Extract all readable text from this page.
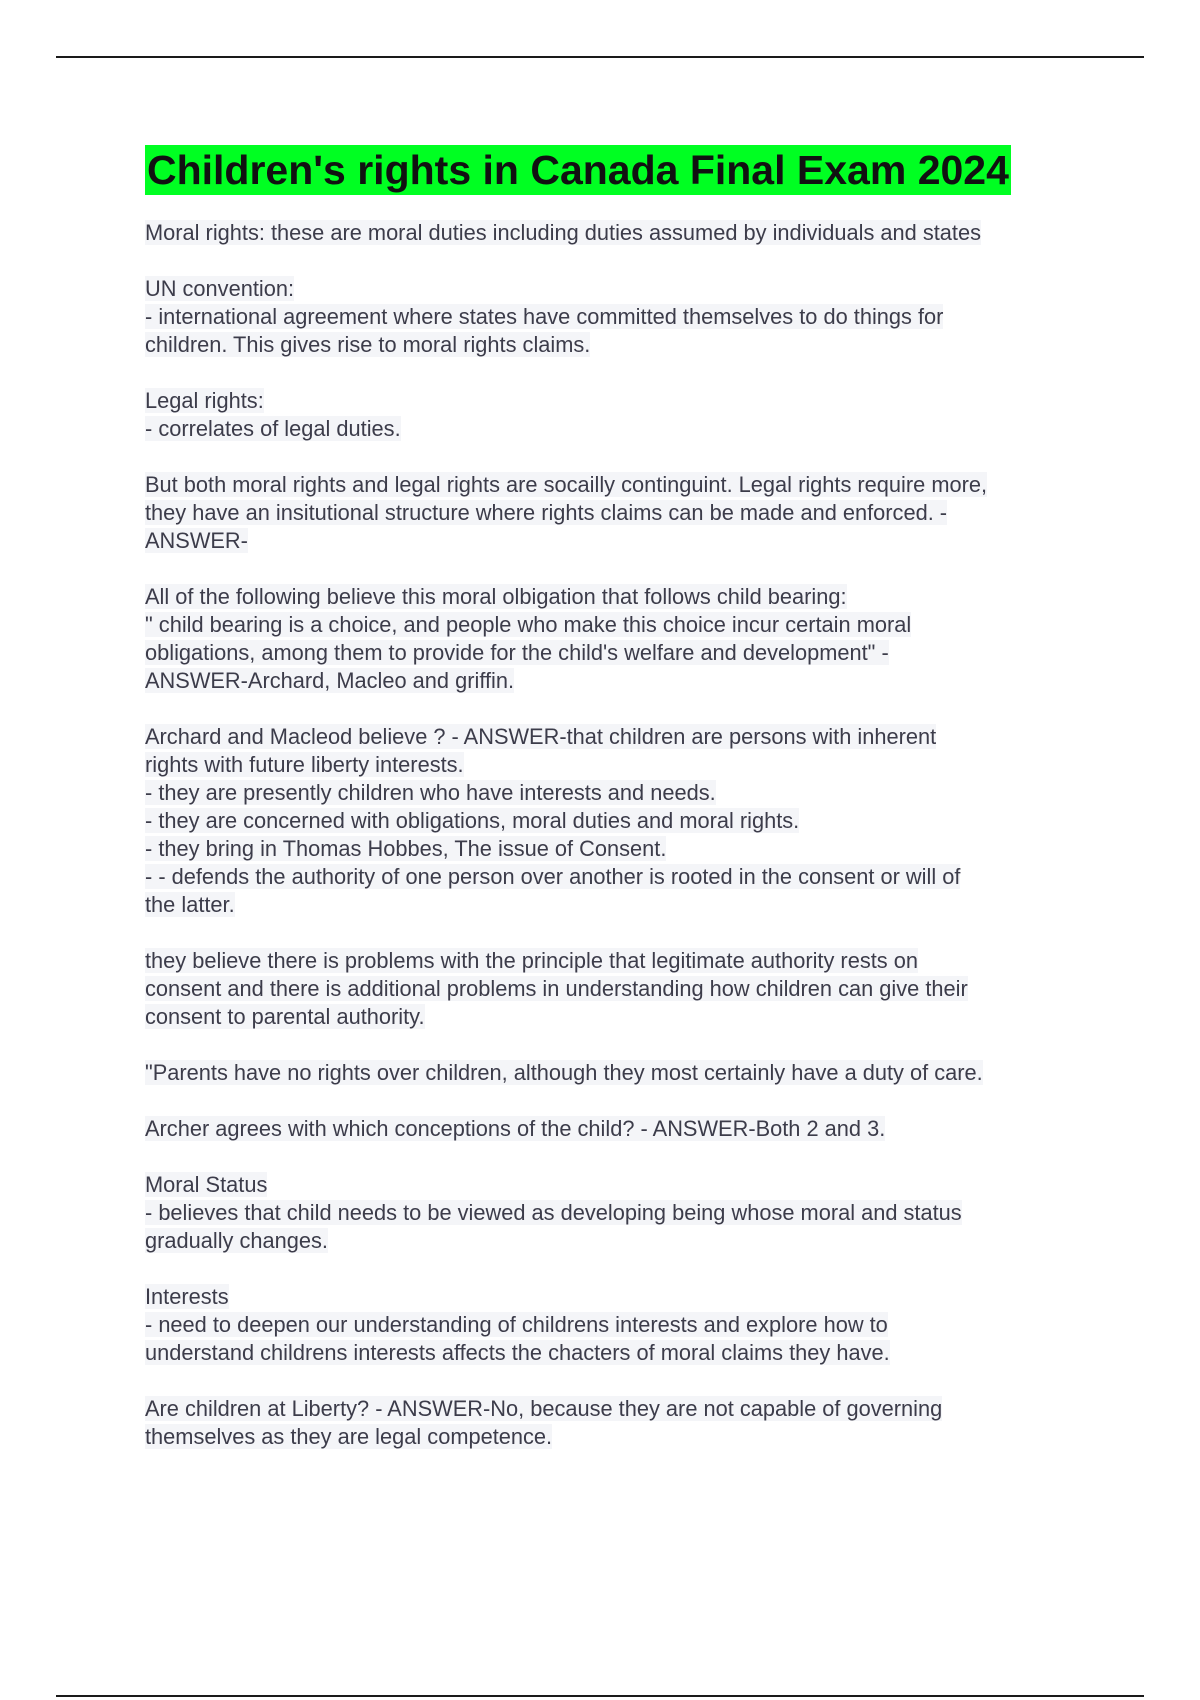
Children's rights in Canada Final Exam 2024
Moral rights: these are moral duties including duties assumed by individuals and states
UN convention:
- international agreement where states have committed themselves to do things for
children. This gives rise to moral rights claims.
Legal rights:
- correlates of legal duties.
But both moral rights and legal rights are socailly continguint. Legal rights require more,
they have an insitutional structure where rights claims can be made and enforced. -
ANSWER-
All of the following believe this moral olbigation that follows child bearing:
" child bearing is a choice, and people who make this choice incur certain moral
obligations, among them to provide for the child's welfare and development" -
ANSWER-Archard, Macleo and griffin.
Archard and Macleod believe ? - ANSWER-that children are persons with inherent
rights with future liberty interests.
- they are presently children who have interests and needs.
- they are concerned with obligations, moral duties and moral rights.
- they bring in Thomas Hobbes, The issue of Consent.
- - defends the authority of one person over another is rooted in the consent or will of
the latter.
they believe there is problems with the principle that legitimate authority rests on
consent and there is additional problems in understanding how children can give their
consent to parental authority.
"Parents have no rights over children, although they most certainly have a duty of care.
Archer agrees with which conceptions of the child? - ANSWER-Both 2 and 3.
Moral Status
- believes that child needs to be viewed as developing being whose moral and status
gradually changes.
Interests
- need to deepen our understanding of childrens interests and explore how to
understand childrens interests affects the chacters of moral claims they have.
Are children at Liberty? - ANSWER-No, because they are not capable of governing
themselves as they are legal competence.
